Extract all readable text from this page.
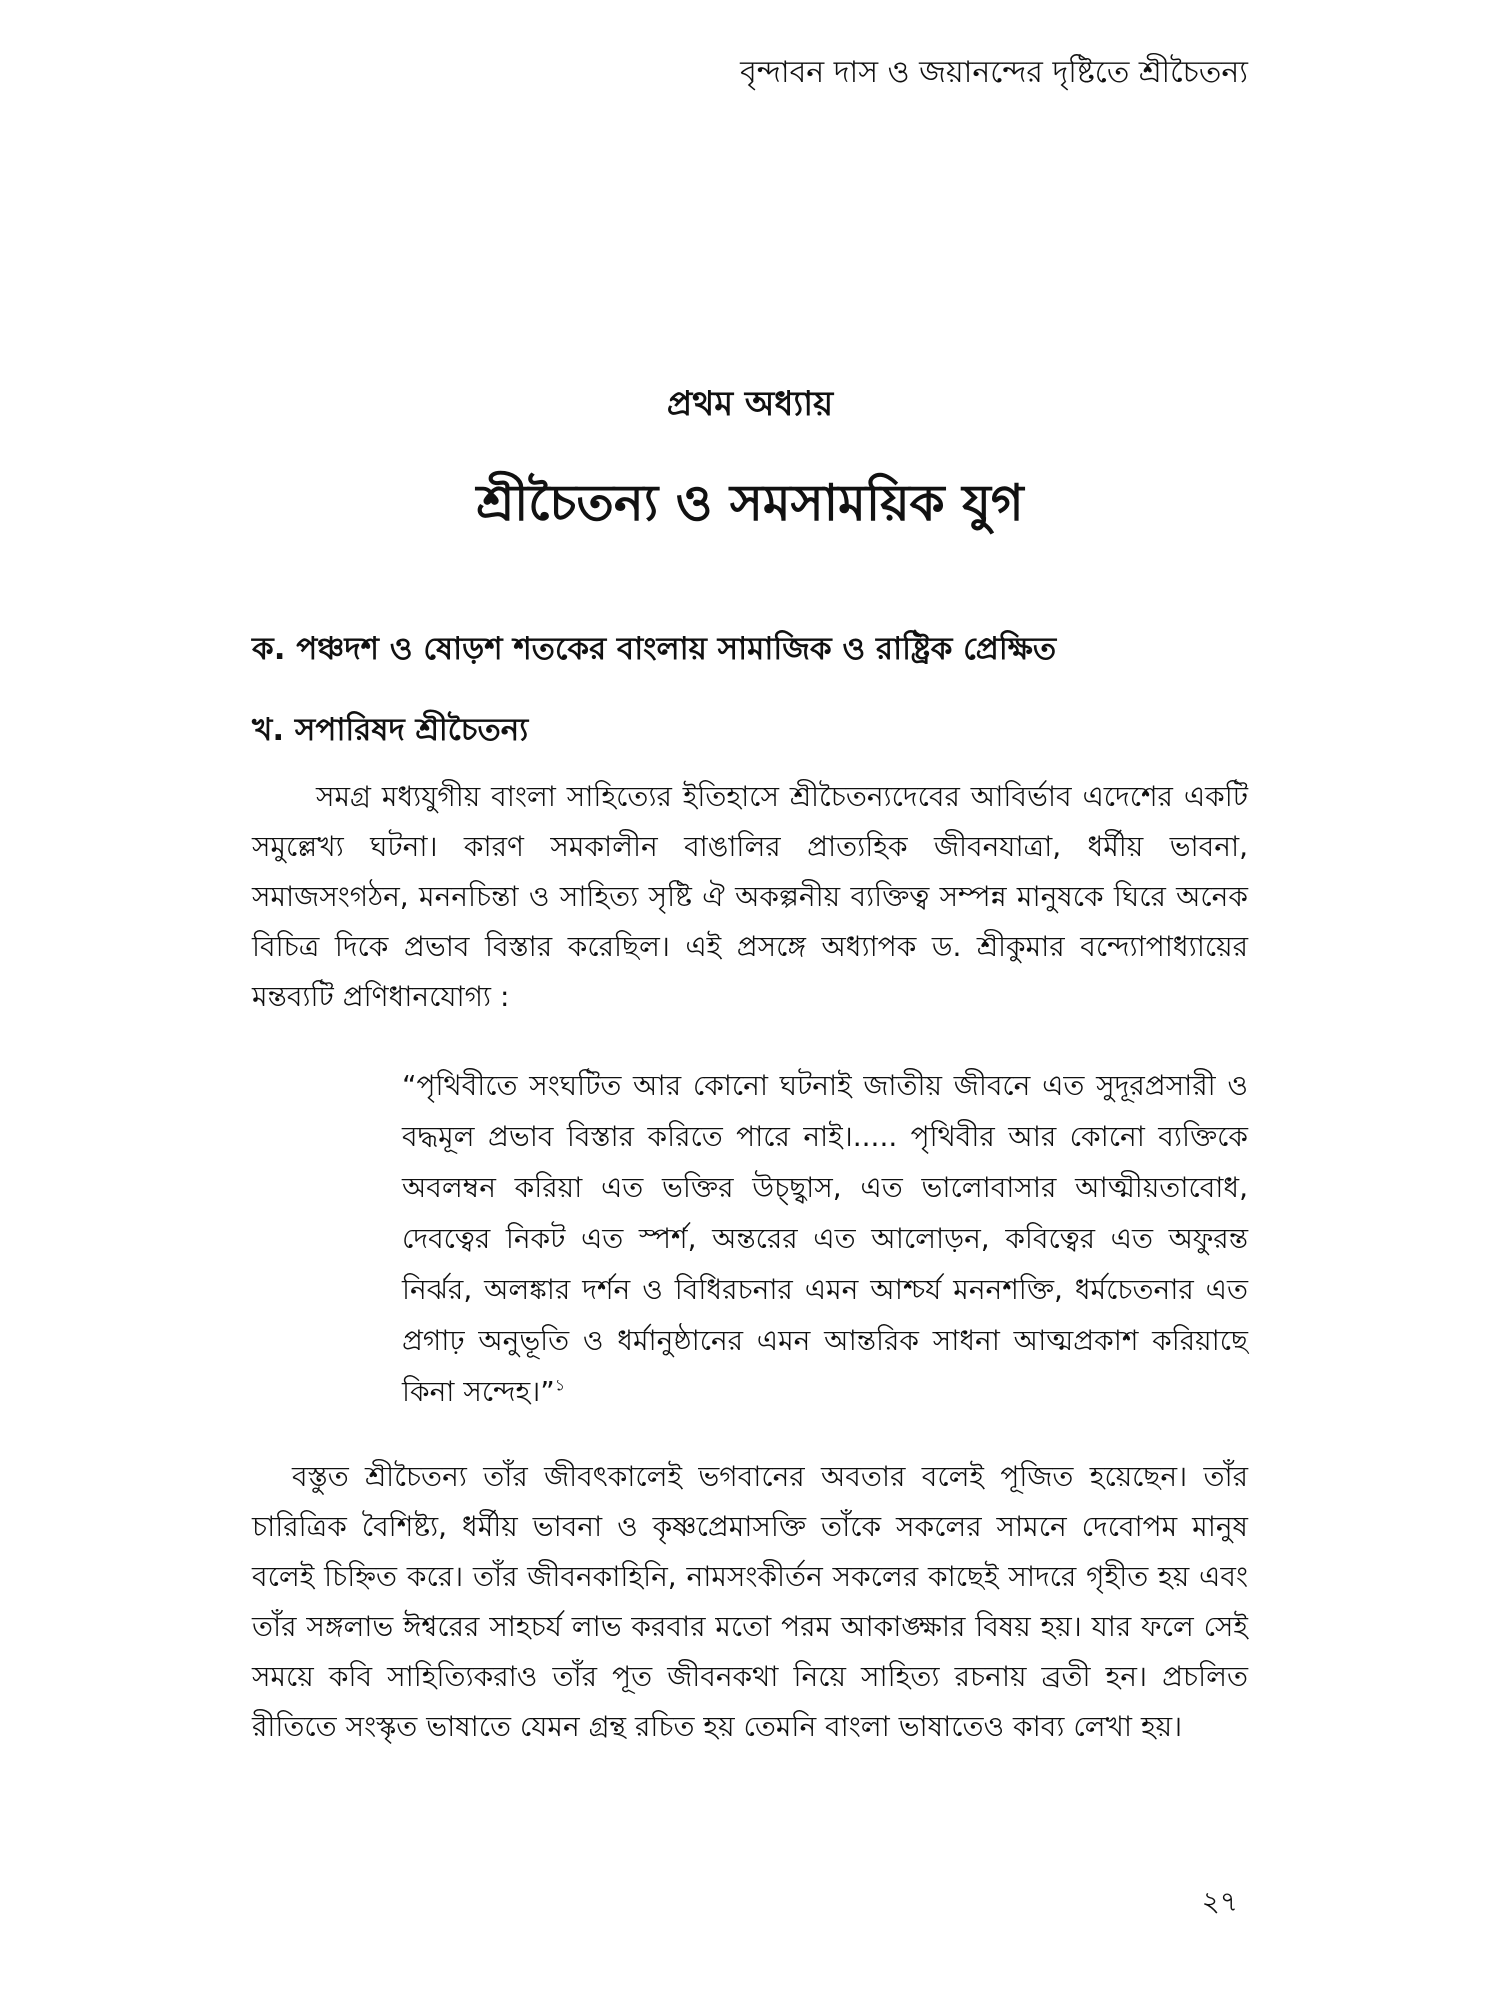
বৃন্দাবন দাস ও জয়ানন্দের দৃষ্টিতে শ্রীচৈতন্য
প্রথম অধ্যায়
শ্রীচৈতন্য ও সমসাময়িক যুগ
ক. পঞ্চদশ ও ষোড়শ শতকের বাংলায় সামাজিক ও রাষ্ট্রিক প্রেক্ষিত
খ. সপারিষদ শ্রীচৈতন্য

সমগ্র মধ্যযুগীয় বাংলা সাহিত্যের ইতিহাসে শ্রীচৈতন্যদেবের আবির্ভাব এদেশের একটি সমুল্লেখ্য ঘটনা। কারণ সমকালীন বাঙালির প্রাত্যহিক জীবনযাত্রা, ধর্মীয় ভাবনা, সমাজসংগঠন, মননচিন্তা ও সাহিত্য সৃষ্টি ঐ অকল্পনীয় ব্যক্তিত্ব সম্পন্ন মানুষকে ঘিরে অনেক বিচিত্র দিকে প্রভাব বিস্তার করেছিল। এই প্রসঙ্গে অধ্যাপক ড. শ্রীকুমার বন্দ্যোপাধ্যায়ের মন্তব্যটি প্রণিধানযোগ্য :

“পৃথিবীতে সংঘটিত আর কোনো ঘটনাই জাতীয় জীবনে এত সুদূরপ্রসারী ও বদ্ধমূল প্রভাব বিস্তার করিতে পারে নাই।..... পৃথিবীর আর কোনো ব্যক্তিকে অবলম্বন করিয়া এত ভক্তির উচ্ছ্বাস, এত ভালোবাসার আত্মীয়তাবোধ, দেবত্বের নিকট এত স্পর্শ, অন্তরের এত আলোড়ন, কবিত্বের এত অফুরন্ত নির্ঝর, অলঙ্কার দর্শন ও বিধিরচনার এমন আশ্চর্য মননশক্তি, ধর্মচেতনার এত প্রগাঢ় অনুভূতি ও ধর্মানুষ্ঠানের এমন আন্তরিক সাধনা আত্মপ্রকাশ করিয়াছে কিনা সন্দেহ।”$^১$

বস্তুত শ্রীচৈতন্য তাঁর জীবৎকালেই ভগবানের অবতার বলেই পূজিত হয়েছেন। তাঁর চারিত্রিক বৈশিষ্ট্য, ধর্মীয় ভাবনা ও কৃষ্ণপ্রেমাসক্তি তাঁকে সকলের সামনে দেবোপম মানুষ বলেই চিহ্নিত করে। তাঁর জীবনকাহিনি, নামসংকীর্তন সকলের কাছেই সাদরে গৃহীত হয় এবং তাঁর সঙ্গলাভ ঈশ্বরের সাহচর্য লাভ করবার মতো পরম আকাঙ্ক্ষার বিষয় হয়। যার ফলে সেই সময়ে কবি সাহিত্যিকরাও তাঁর পূত জীবনকথা নিয়ে সাহিত্য রচনায় ব্রতী হন। প্রচলিত রীতিতে সংস্কৃত ভাষাতে যেমন গ্রন্থ রচিত হয় তেমনি বাংলা ভাষাতেও কাব্য লেখা হয়।

২৭
